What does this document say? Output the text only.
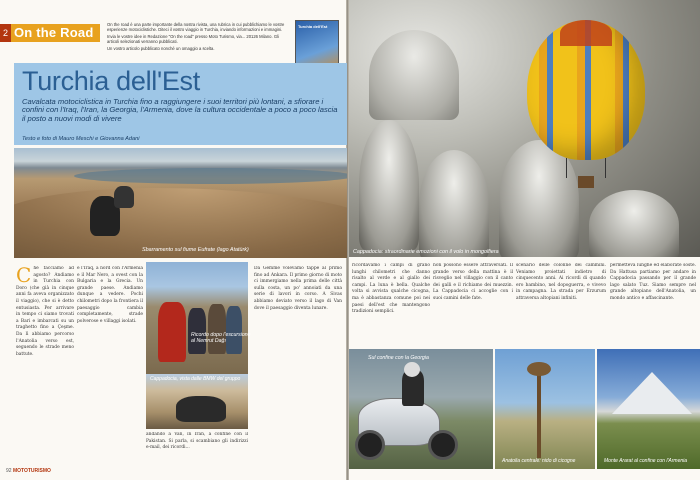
2 On the Road

On the road è una parte importante della nostra rivista, una rubrica in cui pubblichiamo le vostre esperienze motociclistiche. Diteci il vostro viaggio in Turchia, inviando informazioni e immagini.

Invia le vostre idee in Redazione "On the road" presso Moto Turismo, via... 20126 Milano. Gli articoli selezionati verranno pubblicati.

Un vostro articolo pubblicato nonché un omaggio a scelta.

Turchia dell'Est
Turchia dell'Est
Cavalcata motociclistica in Turchia fino a raggiungere i suoi territori più lontani, a sfiorare i confini con l'Iraq, l'Iran, la Georgia, l'Armenia, dove la cultura occidentale a poco a poco lascia il posto a nuovi modi di vivere
Testo e foto di Mauro Meschi e Giovanna Adani
Sbarramento sul fiume Eufrate (lago Atatürk)
Ricordo dopo l'escursione al Nemrut Dağı
Cappadocia, vista dalle BMW del gruppo
Che facciamo ad agosto? Andiamo in Turchia con Doro (che già in cinque anni fa aveva organizzato il viaggio), che si è detto entusiasta. Per arrivare in tempo ci siamo trovati a Bari e imbarcati su un traghetto fino a Çeşme. Da lì abbiamo percorso l'Anatolia verso est, seguendo le strade meno battute.
e l'Iraq, a nord con l'Armenia e il Mar Nero, a ovest con la Bulgaria e la Grecia. Un grande paese. Andiamo dunque a vedere. Pochi chilometri dopo la frontiera il paesaggio cambia completamente, strade polverose e villaggi isolati.
andando a Van, in Iran, a confine con il Pakistan. Si parla, si scambiano gli indirizzi e-mail, dei ricordi...
Da Gemme volevamo tappe al primo fino ad Ankara. Il primo giorno di moto ci immergiamo nella prima delle città sulla costa, un po' annoiati da una serie di lavori in corso. A Sivas abbiamo deviato verso il lago di Van dove il paesaggio diventa lunare.
92 MOTOTURISMO
Cappadocia: straordinarie emozioni con il volo in mongolfiera
ricordavamo i campi di grano lunghi chilometri che danno risalto al verde e al giallo dei campi. La luna è bella. Qualche volta si avvista qualche cicogna, ma è abbastanza comune poi nei paesi dell'est che mantengono tradizioni semplici.
non possono essere attraversati. Il grande verso della mattina è il risveglio nel villaggio con il canto dei galli e il richiamo dei muezzin. La Cappadocia ci accoglie con i suoi camini delle fate.
scenario delle colonne dei cammini. Veniamo proiettati indietro di cinquecento anni. Ai ricordi di quando ero bambino, nel dopoguerra, e vivevo in campagna. La strada per Erzurum attraversa altopiani infiniti.
permetteva lunghe ed elaborate soste. Da Hattusa partiamo per andare in Cappadocia passando per il grande lago salato Tuz. Siamo sempre nel grande altopiano dell'Anatolia, un mondo antico e affascinante.
Sul confine con la Georgia
Anatolia centrale: nido di cicogne	Monte Ararat al confine con l'Armenia
